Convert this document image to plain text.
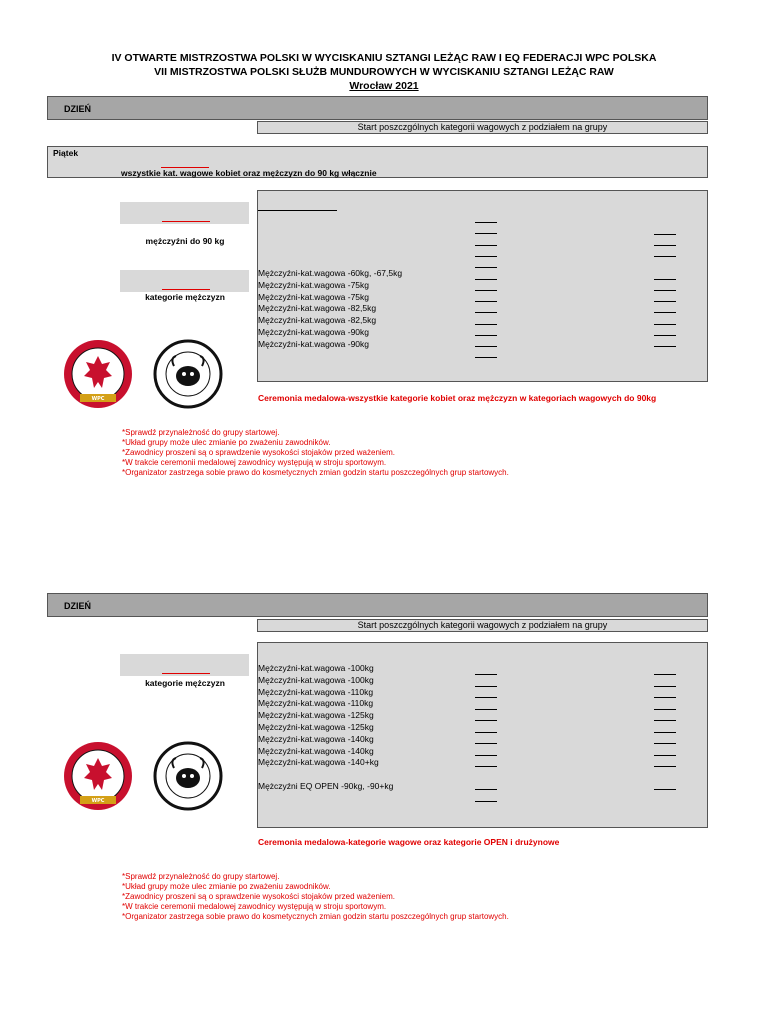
IV OTWARTE MISTRZOSTWA POLSKI W WYCISKANIU SZTANGI LEŻĄC RAW I EQ FEDERACJI WPC POLSKA
VII MISTRZOSTWA POLSKI SŁUŻB MUNDUROWYCH W WYCISKANIU SZTANGI LEŻĄC RAW
Wrocław 2021
DZIEŃ
Start poszczgólnych kategorii wagowych z podziałem na grupy
Piątek
wszystkie kat. wagowe kobiet oraz mężczyzn do 90 kg włącznie
mężczyźni do 90 kg
kategorie mężczyzn
Mężczyźni-kat.wagowa -60kg, -67,5kg
Mężczyźni-kat.wagowa -75kg
Mężczyźni-kat.wagowa -75kg
Mężczyźni-kat.wagowa -82,5kg
Mężczyźni-kat.wagowa -82,5kg
Mężczyźni-kat.wagowa -90kg
Mężczyźni-kat.wagowa -90kg
Ceremonia medalowa-wszystkie kategorie kobiet oraz mężczyzn w kategoriach wagowych do 90kg
*Sprawdź przynależność do grupy startowej.
*Układ grupy może ulec zmianie po zważeniu zawodników.
*Zawodnicy proszeni są o sprawdzenie wysokości stojaków przed ważeniem.
*W trakcie ceremonii medalowej zawodnicy występują w stroju sportowym.
*Organizator zastrzega sobie prawo do kosmetycznych zmian godzin startu poszczególnych grup startowych.
WPC
DZIEŃ
Start poszczgólnych kategorii wagowych z podziałem na grupy
kategorie mężczyzn
Mężczyźni-kat.wagowa -100kg
Mężczyźni-kat.wagowa -100kg
Mężczyźni-kat.wagowa -110kg
Mężczyźni-kat.wagowa -110kg
Mężczyźni-kat.wagowa -125kg
Mężczyźni-kat.wagowa -125kg
Mężczyźni-kat.wagowa -140kg
Mężczyźni-kat.wagowa -140kg
Mężczyźni-kat.wagowa -140+kg
Mężczyźni EQ OPEN -90kg, -90+kg
Ceremonia medalowa-kategorie wagowe oraz kategorie OPEN i drużynowe
*Sprawdź przynależność do grupy startowej.
*Układ grupy może ulec zmianie po zważeniu zawodników.
*Zawodnicy proszeni są o sprawdzenie wysokości stojaków przed ważeniem.
*W trakcie ceremonii medalowej zawodnicy występują w stroju sportowym.
*Organizator zastrzega sobie prawo do kosmetycznych zmian godzin startu poszczególnych grup startowych.
WPC
